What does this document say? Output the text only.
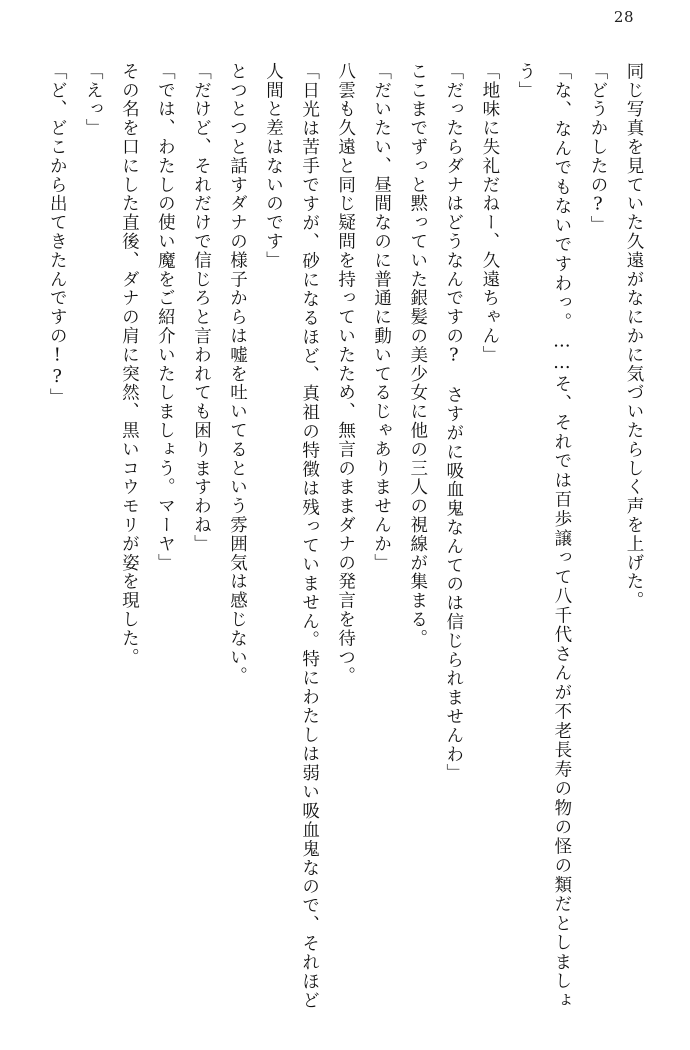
28
同じ写真を見ていた久遠がなにかに気づいたらしく声を上げた。
「どうかしたの?」
「な、なんでもないですわっ。……そ、それでは百歩譲って八千代さんが不老長寿の物の怪の類だとしましょう」
「地味に失礼だねー、久遠ちゃん」
「だったらダナはどうなんですの?　さすがに吸血鬼なんてのは信じられませんわ」
ここまでずっと黙っていた銀髪の美少女に他の三人の視線が集まる。
「だいたい、昼間なのに普通に動いてるじゃありませんか」
八雲も久遠と同じ疑問を持っていたため、無言のままダナの発言を待つ。
「日光は苦手ですが、砂になるほど、真祖の特徴は残っていません。特にわたしは弱い吸血鬼なので、それほど人間と差はないのです」
とつとつと話すダナの様子からは嘘を吐いてるという雰囲気は感じない。
「だけど、それだけで信じろと言われても困りますわね」
「では、わたしの使い魔をご紹介いたしましょう。マーヤ」
その名を口にした直後、ダナの肩に突然、黒いコウモリが姿を現した。
「えっ」
「ど、どこから出てきたんですの!?」
